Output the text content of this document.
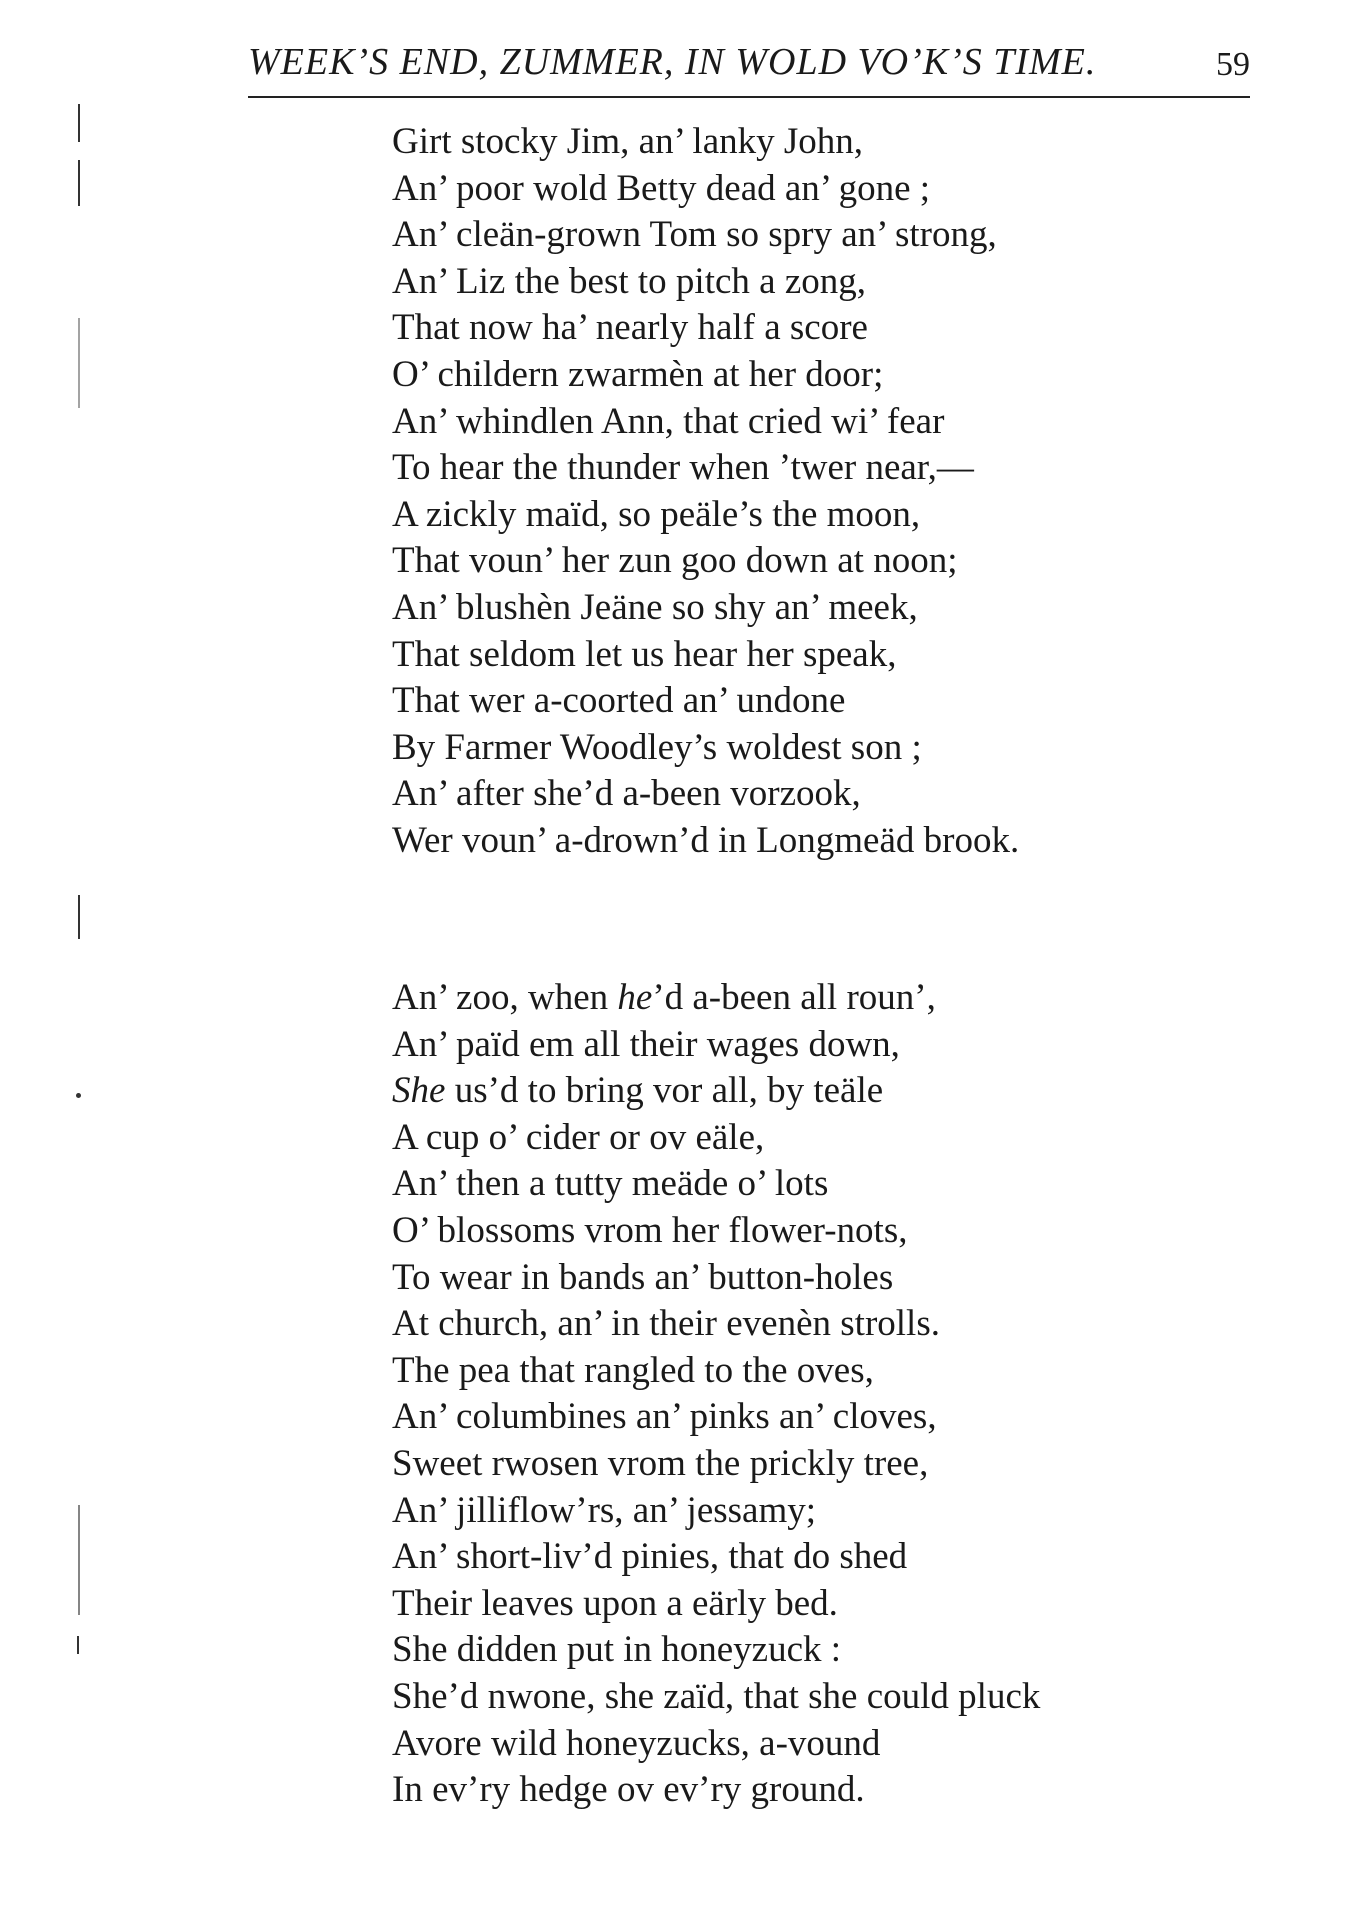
WEEK’S END, ZUMMER, IN WOLD VO’K’S TIME.	59
Girt stocky Jim, an’ lanky John,
An’ poor wold Betty dead an’ gone ;
An’ cleän-grown Tom so spry an’ strong,
An’ Liz the best to pitch a zong,
That now ha’ nearly half a score
O’ childern zwarmèn at her door;
An’ whindlen Ann, that cried wi’ fear
To hear the thunder when ’twer near,—
A zickly maïd, so peäle’s the moon,
That voun’ her zun goo down at noon;
An’ blushèn Jeäne so shy an’ meek,
That seldom let us hear her speak,
That wer a-coorted an’ undone
By Farmer Woodley’s woldest son ;
An’ after she’d a-been vorzook,
Wer voun’ a-drown’d in Longmeäd brook.
An’ zoo, when he’d a-been all roun’,
An’ païd em all their wages down,
She us’d to bring vor all, by teäle
A cup o’ cider or ov eäle,
An’ then a tutty meäde o’ lots
O’ blossoms vrom her flower-nots,
To wear in bands an’ button-holes
At church, an’ in their evenèn strolls.
The pea that rangled to the oves,
An’ columbines an’ pinks an’ cloves,
Sweet rwosen vrom the prickly tree,
An’ jilliflow’rs, an’ jessamy;
An’ short-liv’d pinies, that do shed
Their leaves upon a eärly bed.
She didden put in honeyzuck :
She’d nwone, she zaïd, that she could pluck
Avore wild honeyzucks, a-vound
In ev’ry hedge ov ev’ry ground.
